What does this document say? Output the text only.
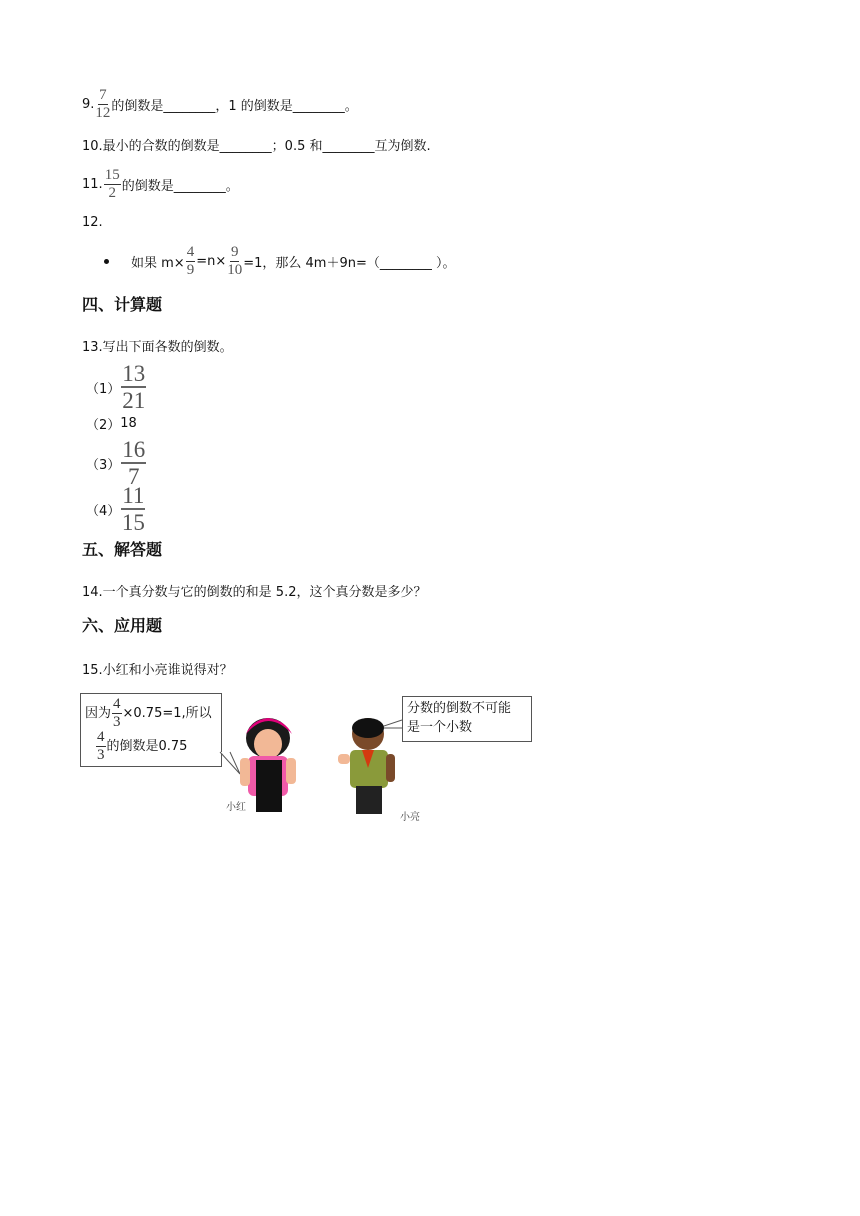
9. $\frac{7}{12}$ 的倒数是________，1 的倒数是________。
10.最小的合数的倒数是________；0.5 和________互为倒数.
11. $\frac{15}{2}$ 的倒数是________。
12.
如果 $m\times \frac{4}{9} =n\times \frac{9}{10} =1$，那么 4m＋9n=（________ ）。
四、计算题
13.写出下面各数的倒数。
$(1) \frac{13}{21}$
（2） 18
$(3) \frac{16}{7}$
$(4) \frac{11}{15}$
五、解答题
14.一个真分数与它的倒数的和是 5.2，这个真分数是多少？
六、应用题
15.小红和小亮谁说得对？
因为 $\frac{4}{3} \times 0.75=1$,所以
$\frac{4}{3}$ 的倒数是0.75
分数的倒数不可能
是一个小数
小红
小亮
